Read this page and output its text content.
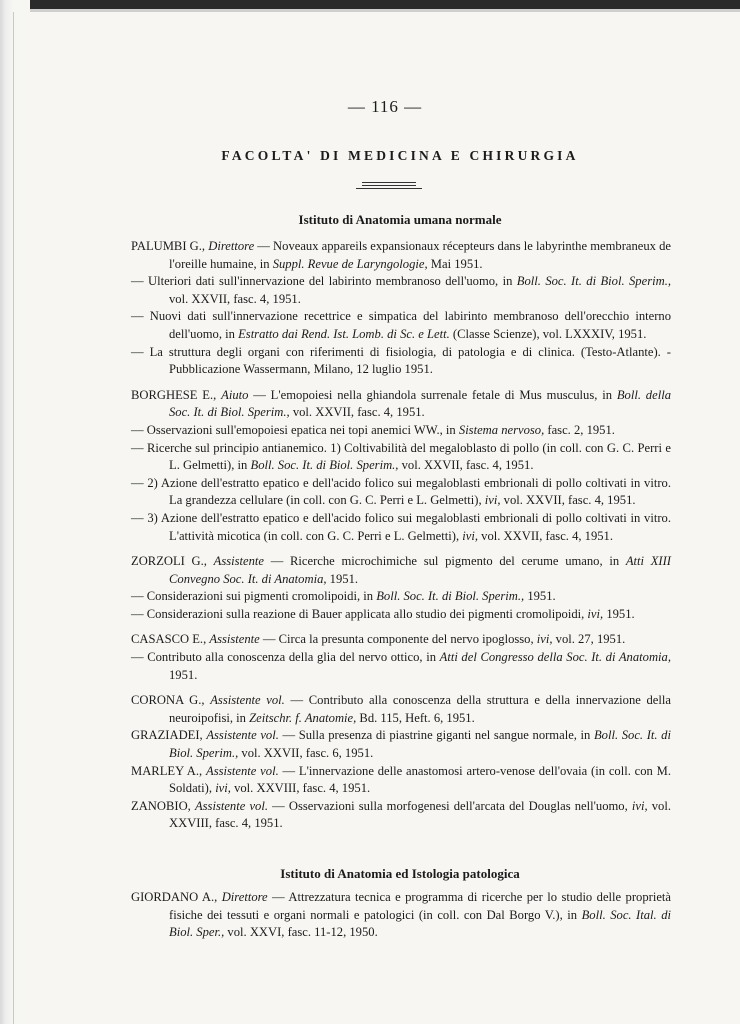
— 116 —
FACOLTA' DI MEDICINA E CHIRURGIA
Istituto di Anatomia umana normale
PALUMBI G., Direttore — Noveaux appareils expansionaux récepteurs dans le labyrinthe membraneux de l'oreille humaine, in Suppl. Revue de Laryngologie, Mai 1951.
— Ulteriori dati sull'innervazione del labirinto membranoso dell'uomo, in Boll. Soc. It. di Biol. Sperim., vol. XXVII, fasc. 4, 1951.
— Nuovi dati sull'innervazione recettrice e simpatica del labirinto membranoso dell'orecchio interno dell'uomo, in Estratto dai Rend. Ist. Lomb. di Sc. e Lett. (Classe Scienze), vol. LXXXIV, 1951.
— La struttura degli organi con riferimenti di fisiologia, di patologia e di clinica. (Testo-Atlante). - Pubblicazione Wassermann, Milano, 12 luglio 1951.
BORGHESE E., Aiuto — L'emopoiesi nella ghiandola surrenale fetale di Mus musculus, in Boll. della Soc. It. di Biol. Sperim., vol. XXVII, fasc. 4, 1951.
— Osservazioni sull'emopoiesi epatica nei topi anemici WW., in Sistema nervoso, fasc. 2, 1951.
— Ricerche sul principio antianemico. 1) Coltivabilità del megaloblasto di pollo (in coll. con G. C. Perri e L. Gelmetti), in Boll. Soc. It. di Biol. Sperim., vol. XXVII, fasc. 4, 1951.
— 2) Azione dell'estratto epatico e dell'acido folico sui megaloblasti embrionali di pollo coltivati in vitro. La grandezza cellulare (in coll. con G. C. Perri e L. Gelmetti), ivi, vol. XXVII, fasc. 4, 1951.
— 3) Azione dell'estratto epatico e dell'acido folico sui megaloblasti embrionali di pollo coltivati in vitro. L'attività micotica (in coll. con G. C. Perri e L. Gelmetti), ivi, vol. XXVII, fasc. 4, 1951.
ZORZOLI G., Assistente — Ricerche microchimiche sul pigmento del cerume umano, in Atti XIII Convegno Soc. It. di Anatomia, 1951.
— Considerazioni sui pigmenti cromolipoidi, in Boll. Soc. It. di Biol. Sperim., 1951.
— Considerazioni sulla reazione di Bauer applicata allo studio dei pigmenti cromolipoidi, ivi, 1951.
CASASCO E., Assistente — Circa la presunta componente del nervo ipoglosso, ivi, vol. 27, 1951.
— Contributo alla conoscenza della glia del nervo ottico, in Atti del Congresso della Soc. It. di Anatomia, 1951.
CORONA G., Assistente vol. — Contributo alla conoscenza della struttura e della innervazione della neuroipofisi, in Zeitschr. f. Anatomie, Bd. 115, Heft. 6, 1951.
GRAZIADEI, Assistente vol. — Sulla presenza di piastrine giganti nel sangue normale, in Boll. Soc. It. di Biol. Sperim., vol. XXVII, fasc. 6, 1951.
MARLEY A., Assistente vol. — L'innervazione delle anastomosi artero-venose dell'ovaia (in coll. con M. Soldati), ivi, vol. XXVIII, fasc. 4, 1951.
ZANOBIO, Assistente vol. — Osservazioni sulla morfogenesi dell'arcata del Douglas nell'uomo, ivi, vol. XXVIII, fasc. 4, 1951.
Istituto di Anatomia ed Istologia patologica
GIORDANO A., Direttore — Attrezzatura tecnica e programma di ricerche per lo studio delle proprietà fisiche dei tessuti e organi normali e patologici (in coll. con Dal Borgo V.), in Boll. Soc. Ital. di Biol. Sper., vol. XXVI, fasc. 11-12, 1950.
